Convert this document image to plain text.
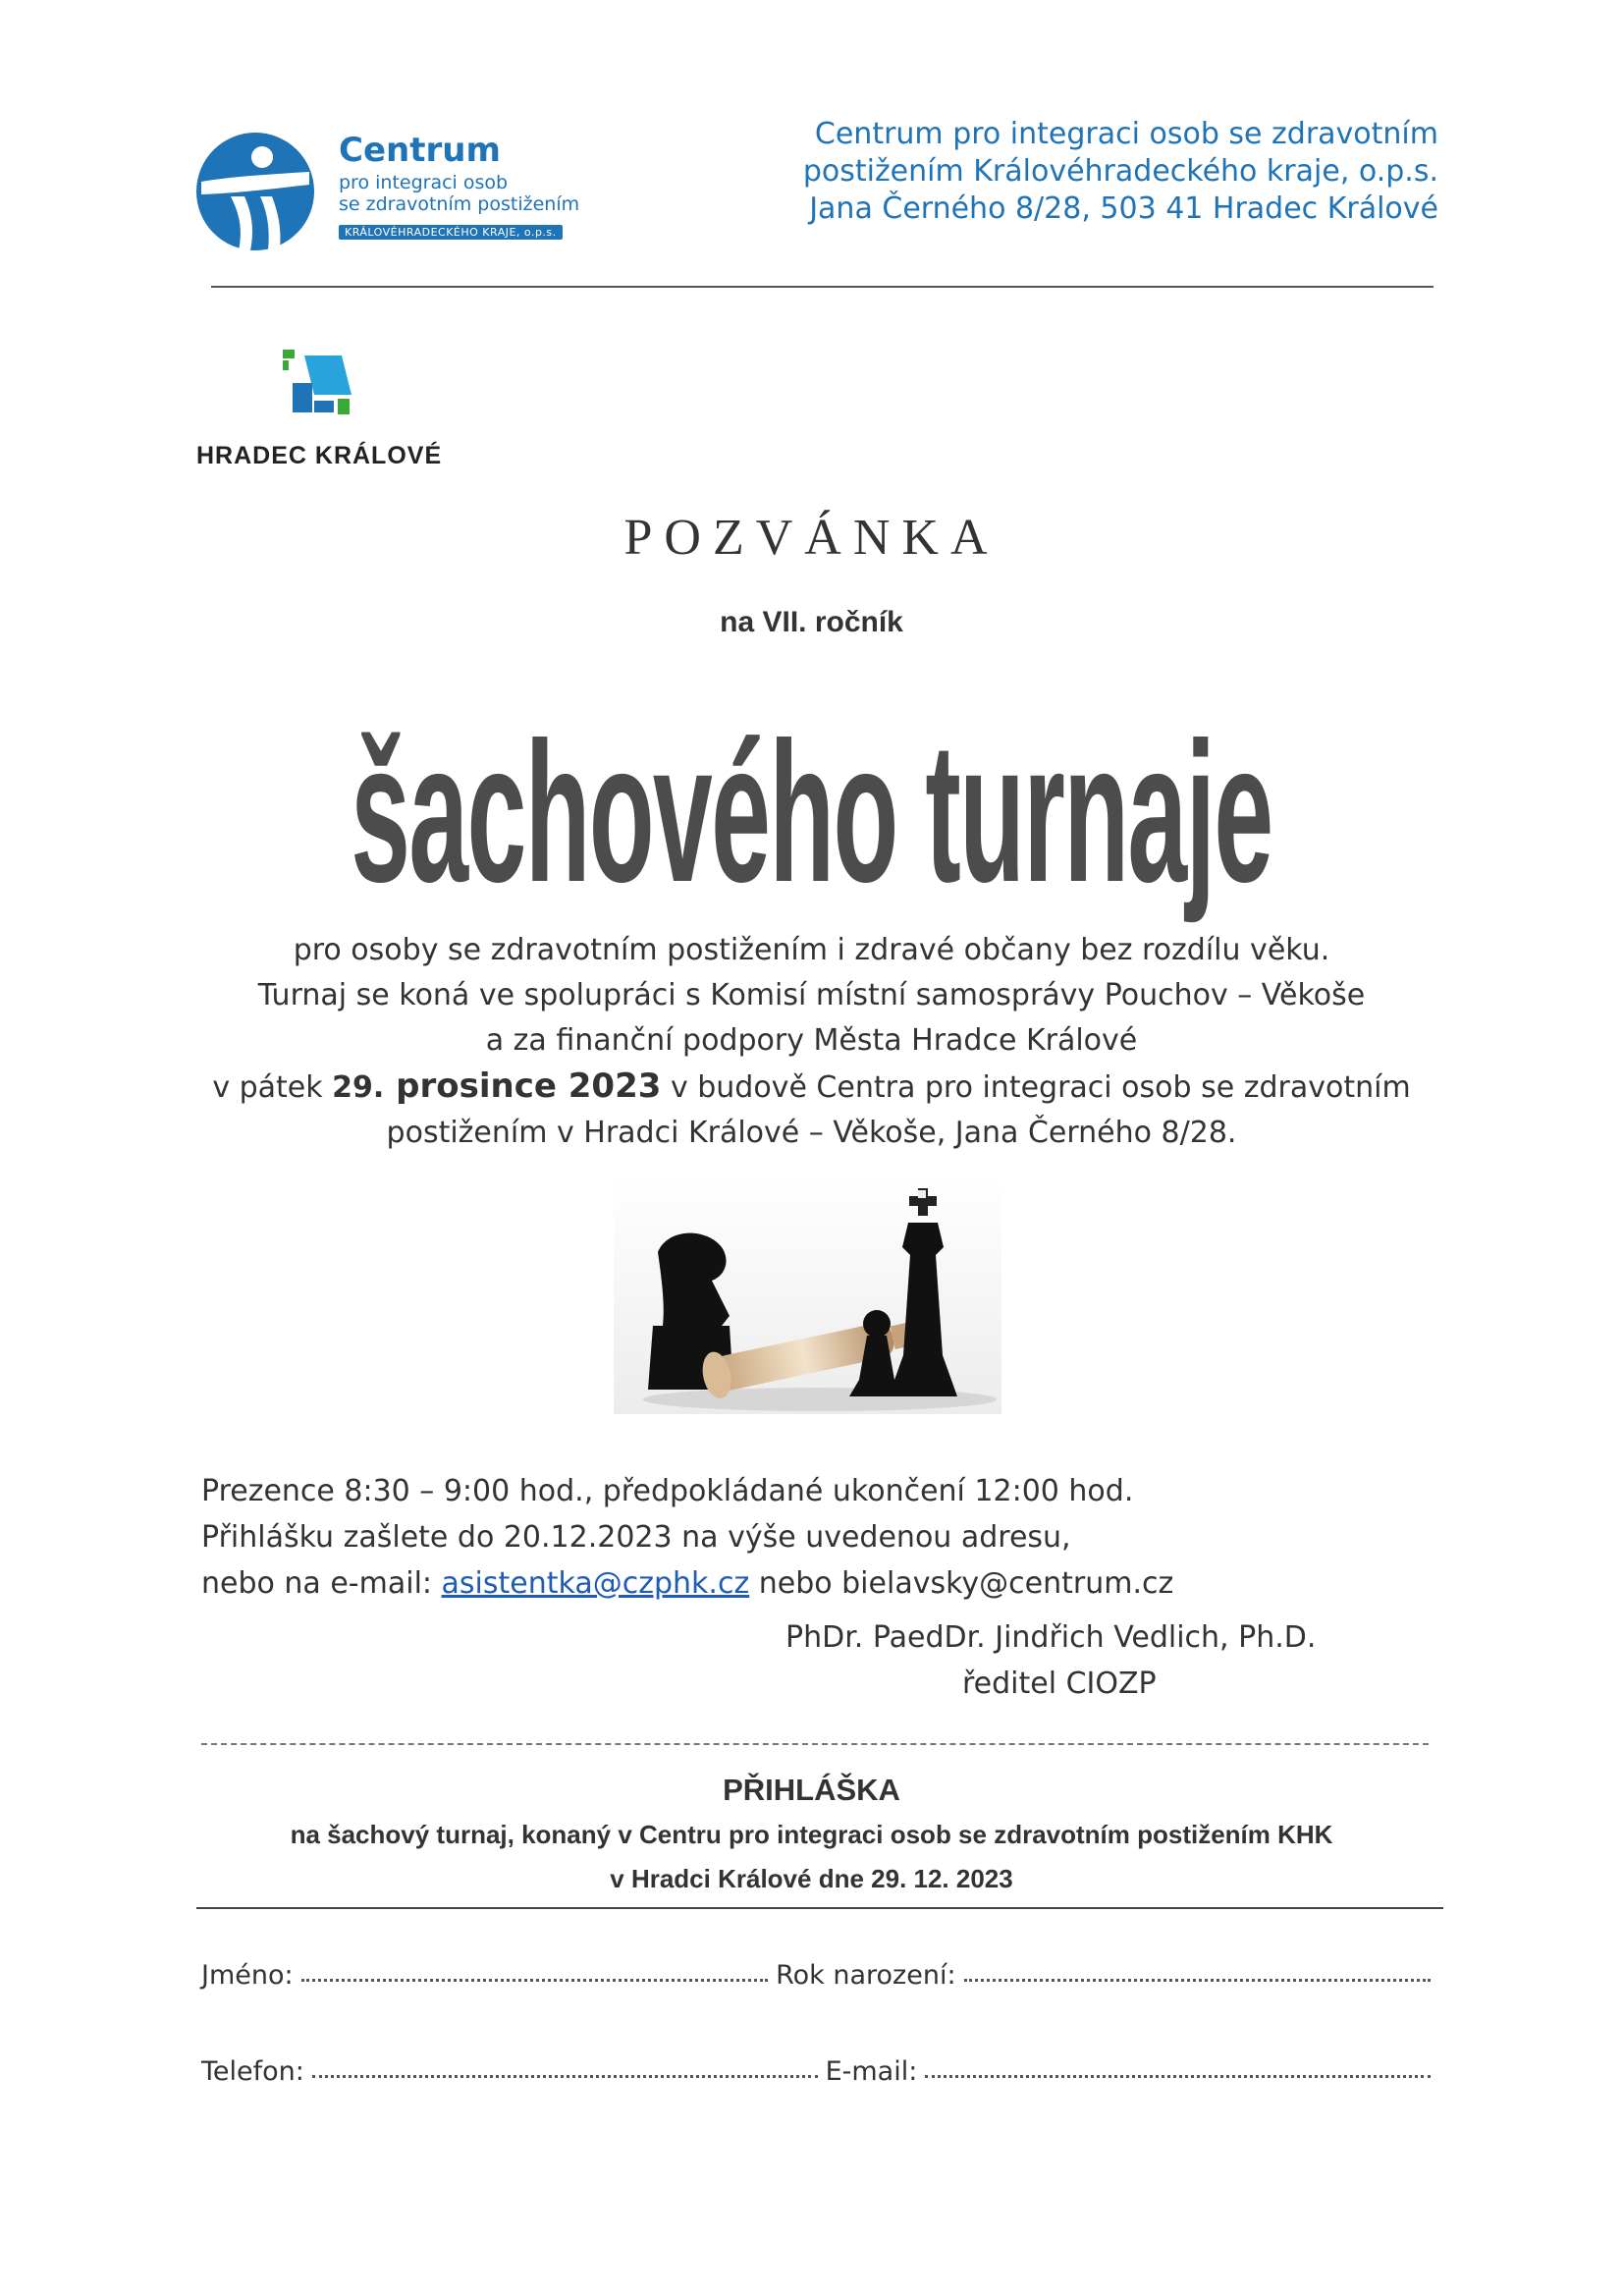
Centrum
pro integraci osob
se zdravotním postižením
KRÁLOVÉHRADECKÉHO KRAJE, o.p.s.
Centrum pro integraci osob se zdravotním
postižením Královéhradeckého kraje, o.p.s.
Jana Černého 8/28, 503 41 Hradec Králové
HRADEC KRÁLOVÉ
POZVÁNKA
na VII. ročník
šachového turnaje
pro osoby se zdravotním postižením i zdravé občany bez rozdílu věku.
Turnaj se koná ve spolupráci s Komisí místní samosprávy Pouchov – Věkoše
a za finanční podpory Města Hradce Králové
v pátek 29. prosince 2023 v budově Centra pro integraci osob se zdravotním
postižením v Hradci Králové – Věkoše, Jana Černého 8/28.
Prezence 8:30 – 9:00 hod., předpokládané ukončení 12:00 hod.
Přihlášku zašlete do 20.12.2023 na výše uvedenou adresu,
nebo na e-mail: asistentka@czphk.cz nebo bielavsky@centrum.cz
PhDr. PaedDr. Jindřich Vedlich, Ph.D.
ředitel CIOZP
PŘIHLÁŠKA
na šachový turnaj, konaný v Centru pro integraci osob se zdravotním postižením KHK
v Hradci Králové dne 29. 12. 2023
Jméno:	Rok narození:
Telefon:	E-mail:
